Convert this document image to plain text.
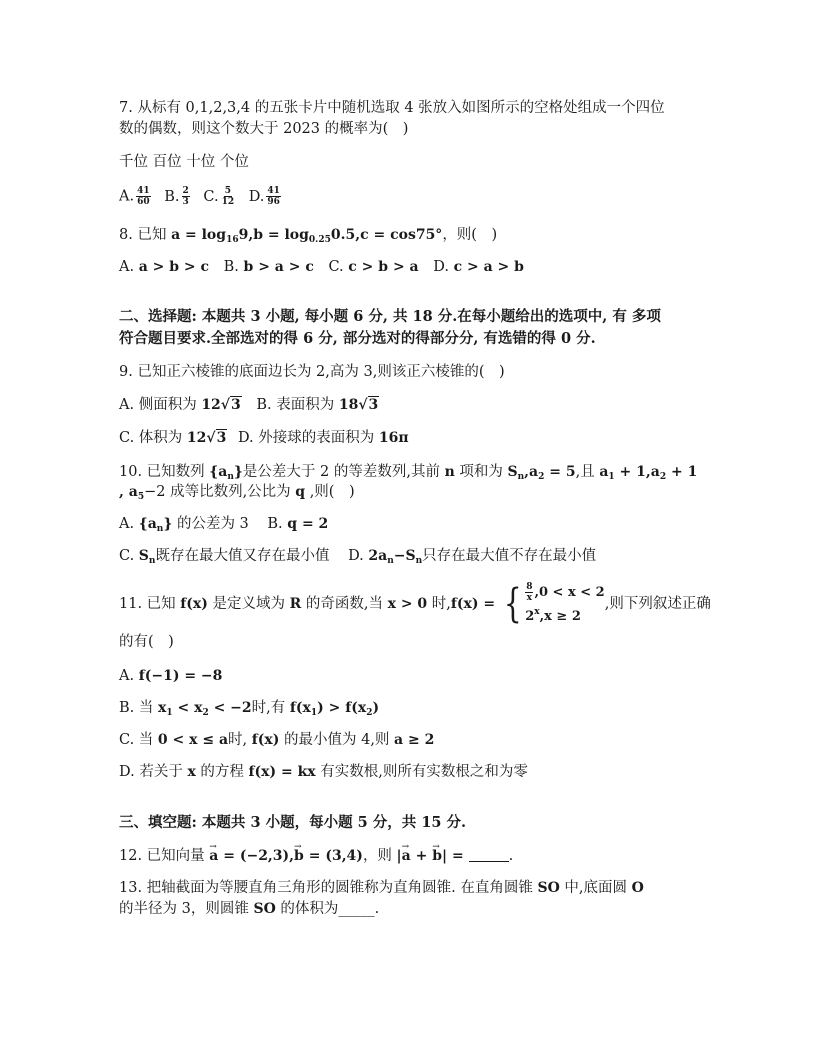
7. 从标有 0,1,2,3,4 的五张卡片中随机选取 4 张放入如图所示的空格处组成一个四位
数的偶数，则这个数大于 2023 的概率为(　)
千位 百位 十位 个位
A. $\frac{41}{60} B$. $\frac{2}{3} C$. $\frac{5}{12} D$. $\frac{41}{96}$
8. 已知 $a = \log_{16}9,b = \log_{0.25}0.5,c = \cos 75^\circ$，则(　)
A. a > b > c B. b > a > c C. c > b > a D. c > a > b
二、选择题: 本题共 3 小题, 每小题 6 分, 共 18 分.在每小题给出的选项中, 有 多项
符合题目要求.全部选对的得 6 分, 部分选对的得部分分, 有选错的得 0 分.
9. 已知正六棱锥的底面边长为 2,高为 3,则该正六棱锥的(　)
A. 侧面积为 12√3 B. 表面积为 18√3
C. 体积为 12√3 D. 外接球的表面积为 16π
10. 已知数列 $\{a_n\}$是公差大于 2 的等差数列,其前 n 项和为 $S_n,a_2 = 5$,且 $a_1 + 1,a_2 + 1$
, $a_5-2$ 成等比数列,公比为 q ,则(　)
A. $\{a_n\}$ 的公差为 3 B. q = 2
C. $S_n$既存在最大值又存在最小值 D. $2a_n-S_n$只存在最大值不存在最小值
11. 已知 f(x) 是定义域为 R 的奇函数,当 x > 0 时,f(x) = { $\frac{8}{x} ,0 < x < 2$
$2^x,x \ge 2$
,则下列叙述正确
的有(　)
A. f(−1) = −8
B. 当 $x_1 < x_2 < -2$时,有 $f(x_1) > f(x_2)$
C. 当 0 < x ≤ a时, f(x) 的最小值为 4,则 a ≥ 2
D. 若关于 x 的方程 f(x) = kx 有实数根,则所有实数根之和为零
三、填空题: 本题共 3 小题，每小题 5 分，共 15 分.
12. 已知向量 → a = (−2,3),→ b = (3,4)，则 |→ a + → b| =	.
13. 把轴截面为等腰直角三角形的圆锥称为直角圆锥. 在直角圆锥 SO 中,底面圆 O
的半径为 3，则圆锥 SO 的体积为_____.
